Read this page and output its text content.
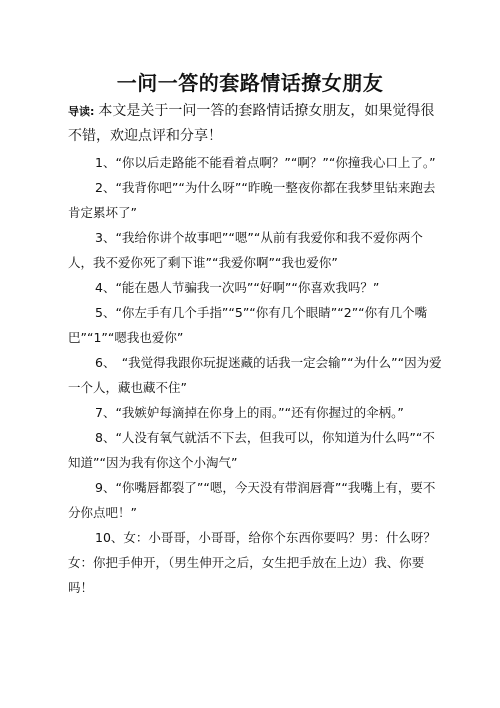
一问一答的套路情话撩女朋友
导读: 本文是关于一问一答的套路情话撩女朋友，如果觉得很不错，欢迎点评和分享！

1、“你以后走路能不能看着点啊？”“啊？”“你撞我心口上了。”

2、“我背你吧”“为什么呀”“昨晚一整夜你都在我梦里钻来跑去肯定累坏了”

3、“我给你讲个故事吧”“嗯”“从前有我爱你和我不爱你两个人，我不爱你死了剩下谁”“我爱你啊”“我也爱你”

4、“能在愚人节骗我一次吗”“好啊”“你喜欢我吗？”

5、“你左手有几个手指”“5”“你有几个眼睛”“2”“你有几个嘴巴”“1”“嗯我也爱你”

6、　“我觉得我跟你玩捉迷藏的话我一定会输”“为什么”“因为爱一个人，藏也藏不住”

7、“我嫉妒每滴掉在你身上的雨。”“还有你握过的伞柄。”

8、“人没有氧气就活不下去，但我可以，你知道为什么吗”“不知道”“因为我有你这个小淘气”

9、“你嘴唇都裂了”“嗯，今天没有带润唇膏”“我嘴上有，要不分你点吧！”

10、女：小哥哥，小哥哥，给你个东西你要吗？男：什么呀？女：你把手伸开，（男生伸开之后，女生把手放在上边）我、你要吗！
